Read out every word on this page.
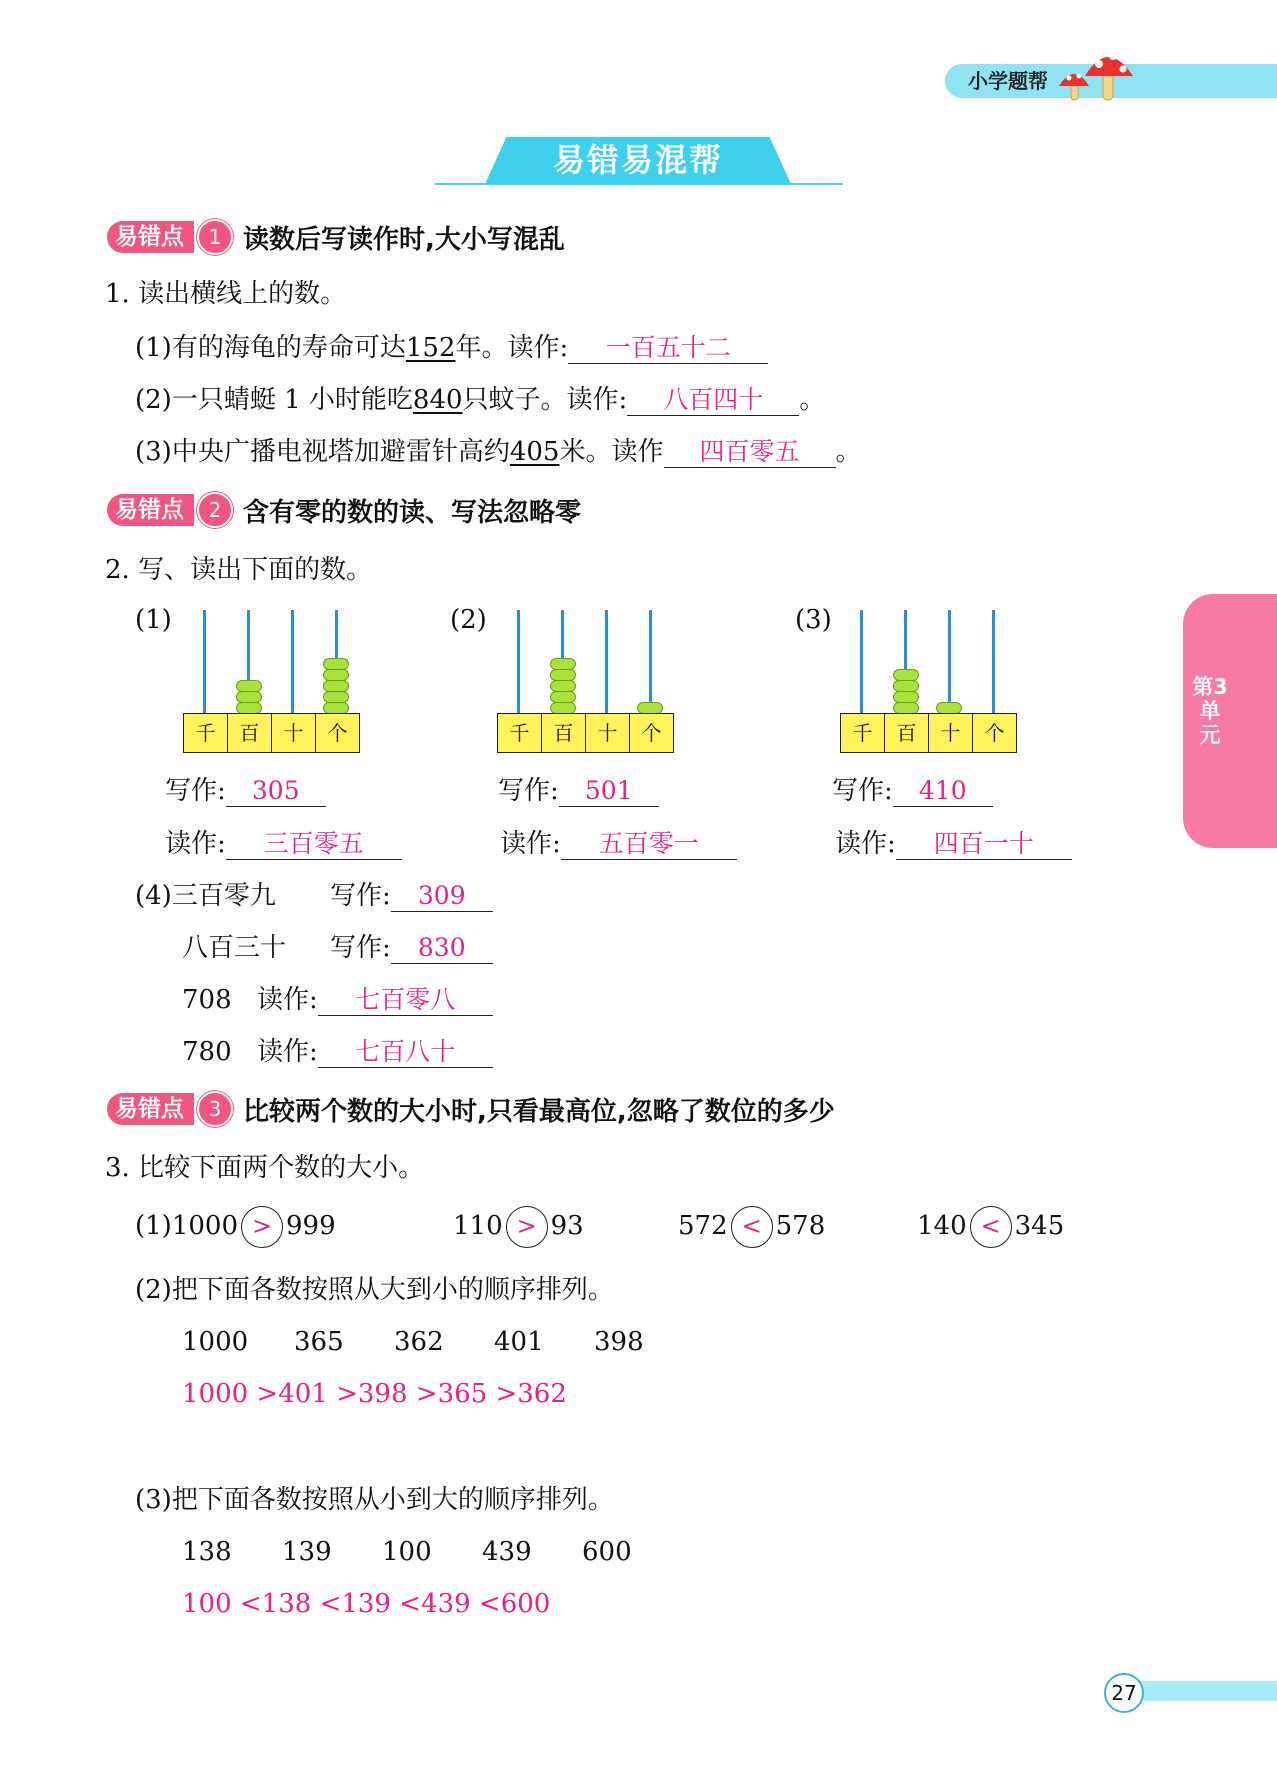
小学题帮
易错易混帮
第3单元
易错点	1 读数后写读作时,大小写混乱
1. 读出横线上的数。
(1)有的海龟的寿命可达152年。读作: 一百五十二
(2)一只蜻蜓 1 小时能吃840只蚊子。读作: 八百四十 。
(3)中央广播电视塔加避雷针高约405米。读作 四百零五 。
易错点	2 含有零的数的读、写法忽略零
2. 写、读出下面的数。
(1)
千	百	十	个
写作: 305
读作: 三百零五
(2)
千	百	十	个
写作: 501
读作: 五百零一
(3)
千	百	十	个
写作: 410
读作: 四百一十
(4)三百零九 写作: 309
八百三十 写作: 830
708 读作: 七百零八
780 读作: 七百八十
易错点	3 比较两个数的大小时,只看最高位,忽略了数位的多少
3. 比较下面两个数的大小。
(1)1000 > 999	110 > 93	572 < 578	140 < 345
(2)把下面各数按照从大到小的顺序排列。
1000 365 362 401 398
1000 >401 >398 >365 >362
(3)把下面各数按照从小到大的顺序排列。
138 139 100 439 600
100 <138 <139 <439 <600
27
